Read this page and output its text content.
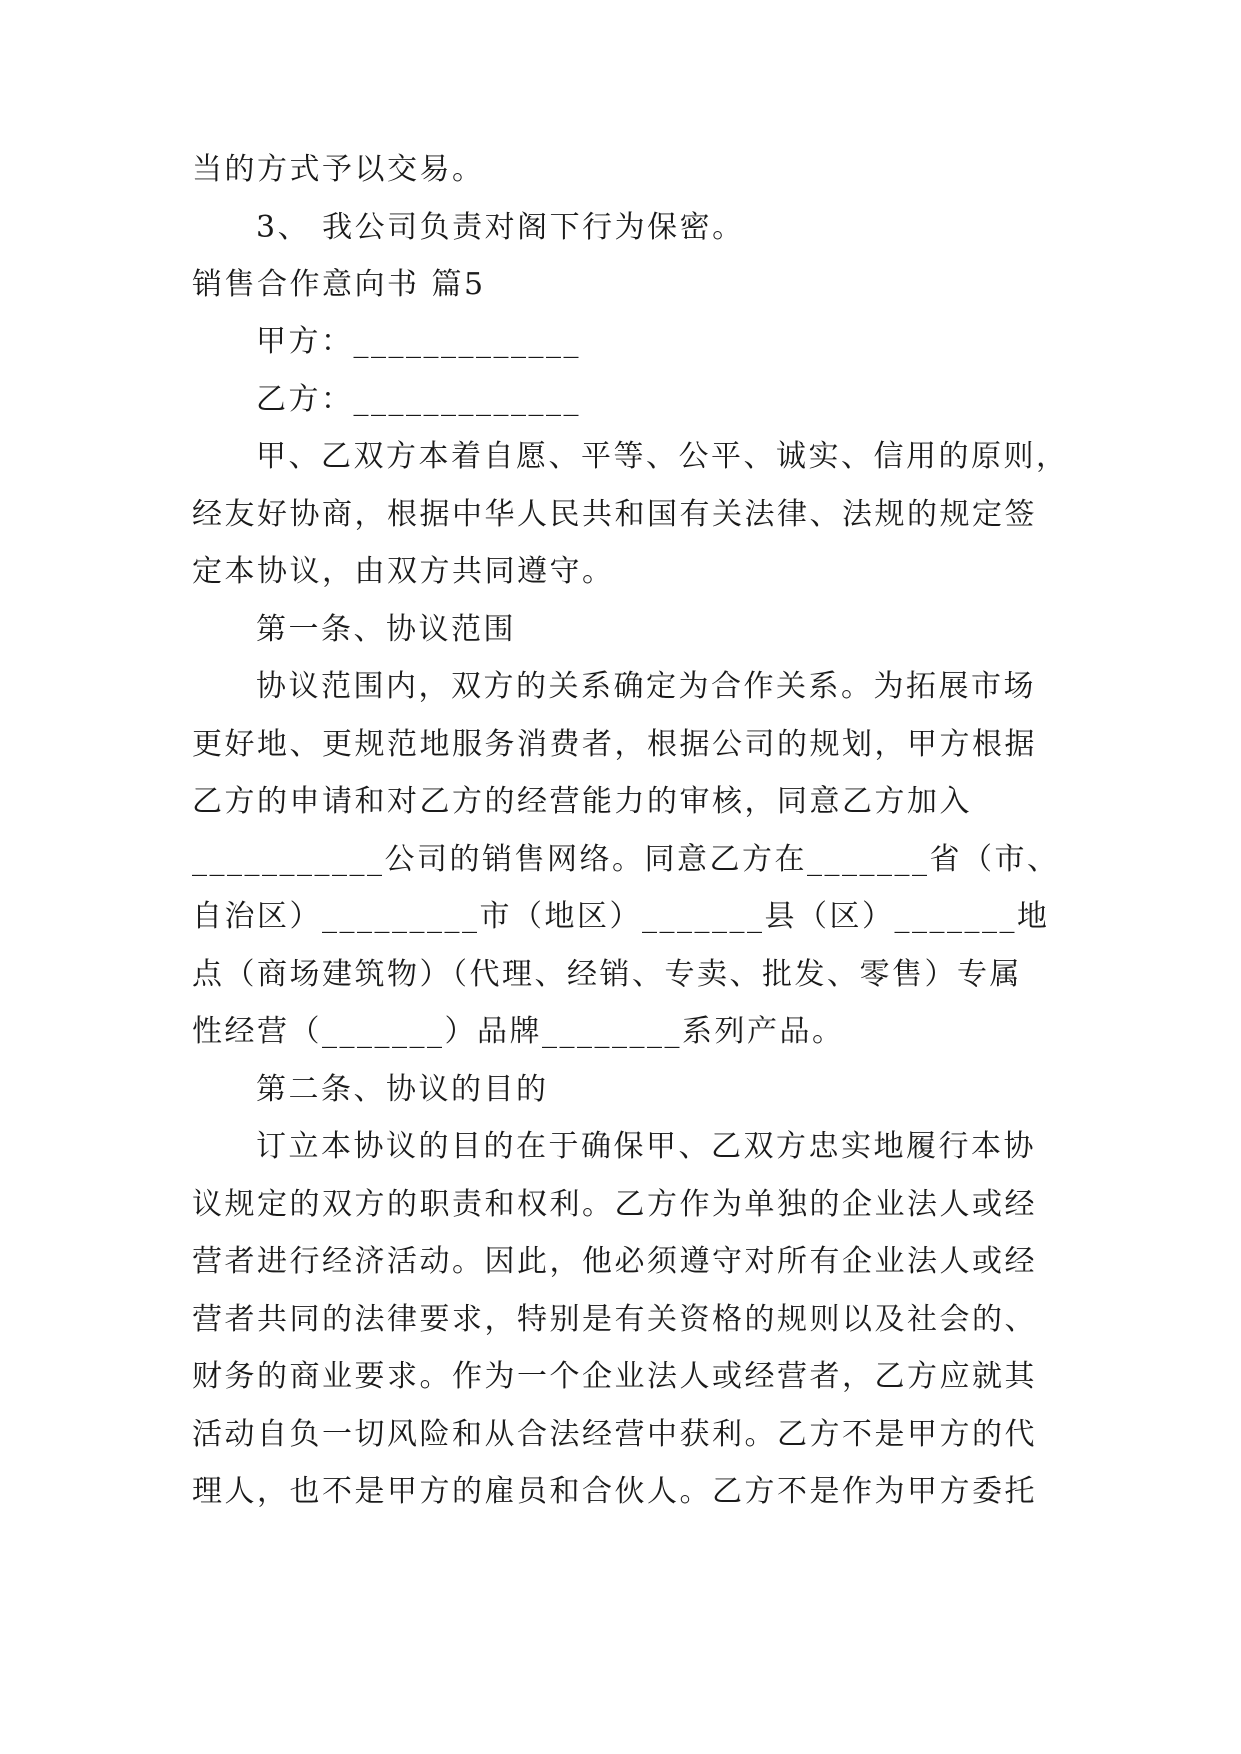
当的方式予以交易。
3、 我公司负责对阁下行为保密。
销售合作意向书 篇5
甲方：_____________
乙方：_____________
甲、乙双方本着自愿、平等、公平、诚实、信用的原则，
经友好协商，根据中华人民共和国有关法律、法规的规定签
定本协议，由双方共同遵守。
第一条、协议范围
协议范围内，双方的关系确定为合作关系。为拓展市场
更好地、更规范地服务消费者，根据公司的规划，甲方根据
乙方的申请和对乙方的经营能力的审核，同意乙方加入
___________公司的销售网络。同意乙方在_______省（市、
自治区）_________市（地区）_______县（区）_______地
点（商场建筑物）（代理、经销、专卖、批发、零售）专属
性经营（_______）品牌________系列产品。
第二条、协议的目的
订立本协议的目的在于确保甲、乙双方忠实地履行本协
议规定的双方的职责和权利。乙方作为单独的企业法人或经
营者进行经济活动。因此，他必须遵守对所有企业法人或经
营者共同的法律要求，特别是有关资格的规则以及社会的、
财务的商业要求。作为一个企业法人或经营者，乙方应就其
活动自负一切风险和从合法经营中获利。乙方不是甲方的代
理人，也不是甲方的雇员和合伙人。乙方不是作为甲方委托
